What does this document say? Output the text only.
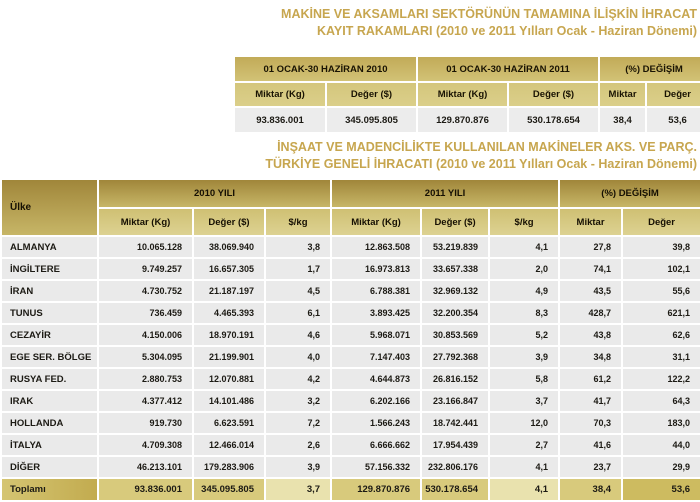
MAKİNE VE AKSAMLARI SEKTÖRÜNÜN TAMAMINA İLİŞKİN İHRACAT
KAYIT RAKAMLARI (2010 ve 2011 Yılları Ocak - Haziran Dönemi)
01 OCAK-30 HAZİRAN 2010		01 OCAK-30 HAZİRAN 2011		(%) DEĞİŞİM	
Miktar (Kg)	Değer ($)	Miktar (Kg)	Değer ($)	Miktar	Değer
93.836.001	345.095.805	129.870.876	530.178.654	38,4	53,6
İNŞAAT VE MADENCİLİKTE KULLANILAN MAKİNELER AKS. VE PARÇ.
TÜRKİYE GENELİ İHRACATI (2010 ve 2011 Yılları Ocak - Haziran Dönemi)
Ülke	2010 YILI			2011 YILI			(%) DEĞİŞİM	
	Miktar (Kg)	Değer ($)	$/kg	Miktar (Kg)	Değer ($)	$/kg	Miktar	Değer
ALMANYA	10.065.128	38.069.940	3,8	12.863.508	53.219.839	4,1	27,8	39,8
İNGİLTERE	9.749.257	16.657.305	1,7	16.973.813	33.657.338	2,0	74,1	102,1
İRAN	4.730.752	21.187.197	4,5	6.788.381	32.969.132	4,9	43,5	55,6
TUNUS	736.459	4.465.393	6,1	3.893.425	32.200.354	8,3	428,7	621,1
CEZAYİR	4.150.006	18.970.191	4,6	5.968.071	30.853.569	5,2	43,8	62,6
EGE SER. BÖLGE	5.304.095	21.199.901	4,0	7.147.403	27.792.368	3,9	34,8	31,1
RUSYA FED.	2.880.753	12.070.881	4,2	4.644.873	26.816.152	5,8	61,2	122,2
IRAK	4.377.412	14.101.486	3,2	6.202.166	23.166.847	3,7	41,7	64,3
HOLLANDA	919.730	6.623.591	7,2	1.566.243	18.742.441	12,0	70,3	183,0
İTALYA	4.709.308	12.466.014	2,6	6.666.662	17.954.439	2,7	41,6	44,0
DİĞER	46.213.101	179.283.906	3,9	57.156.332	232.806.176	4,1	23,7	29,9
Toplamı	93.836.001	345.095.805	3,7	129.870.876	530.178.654	4,1	38,4	53,6
